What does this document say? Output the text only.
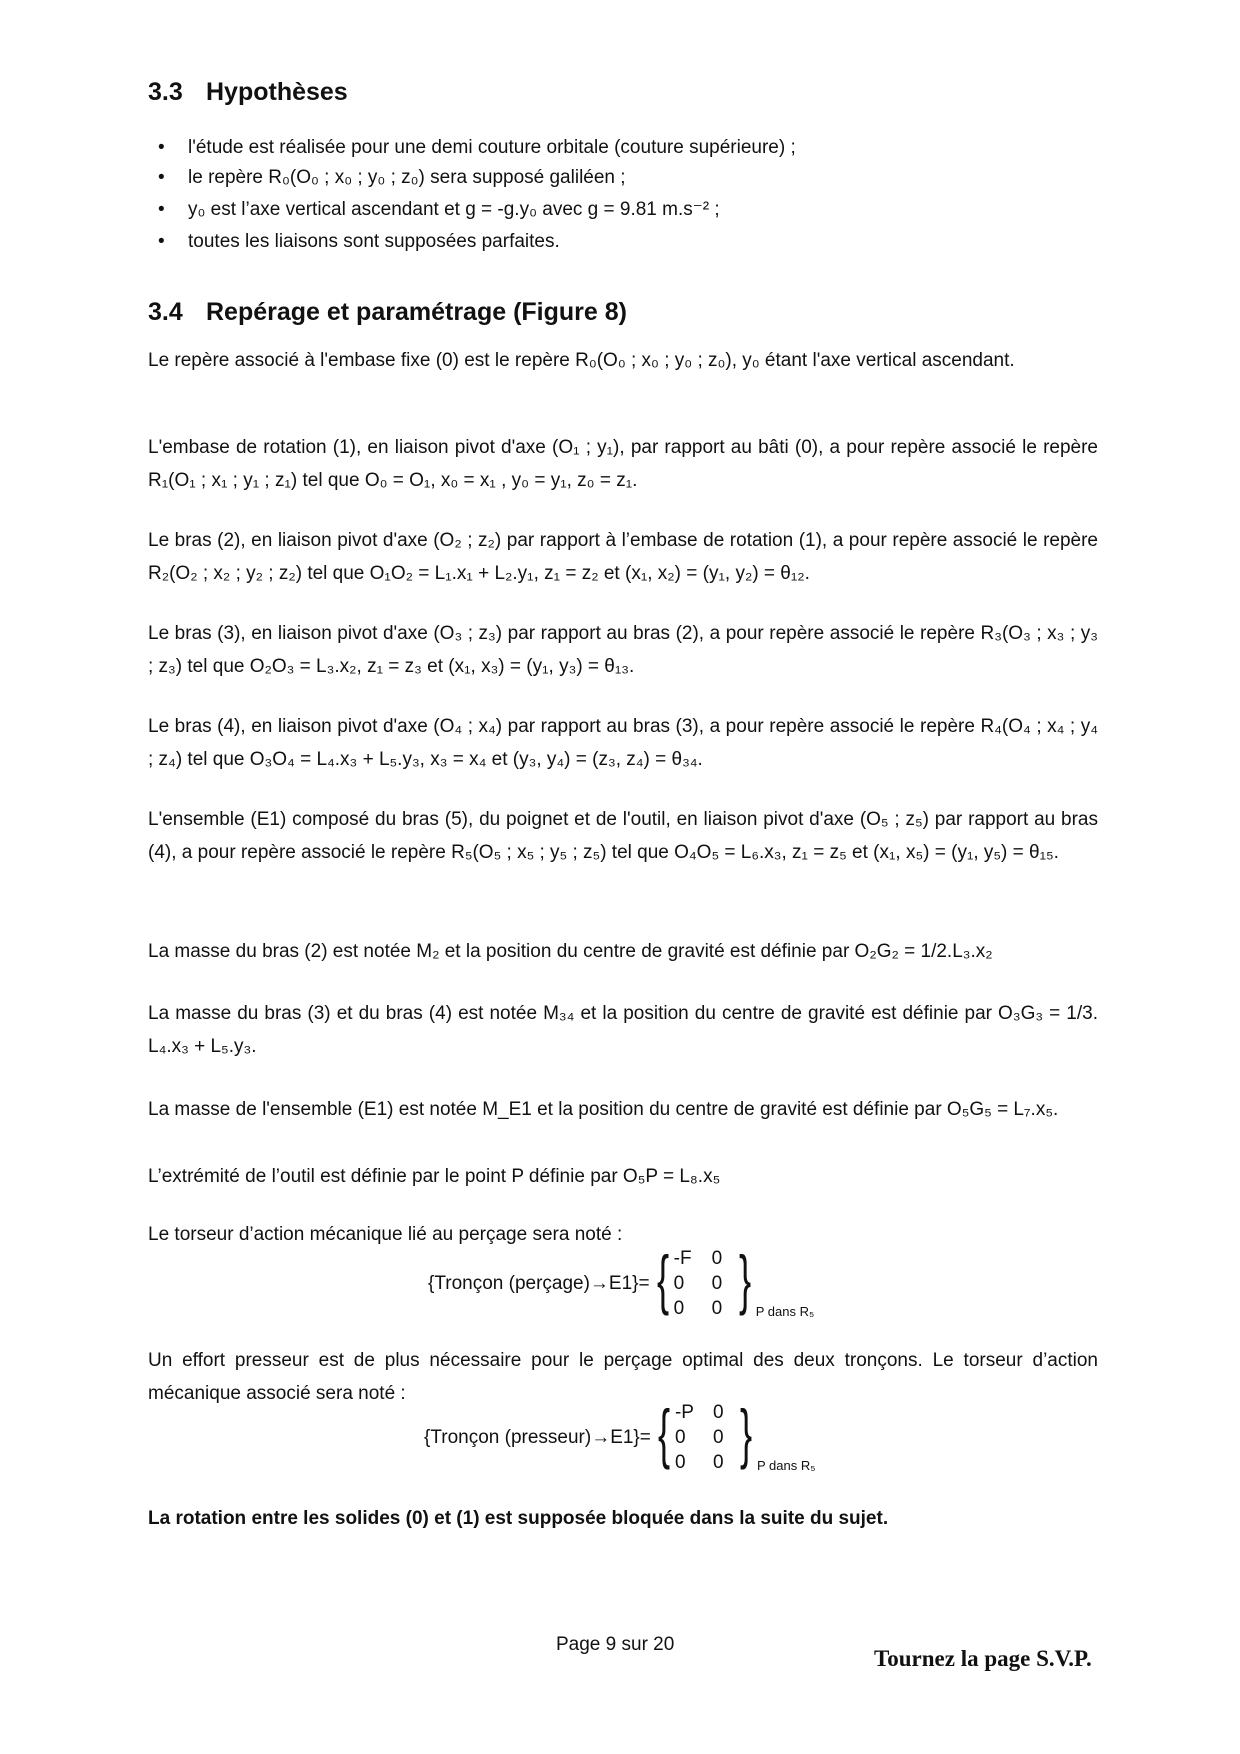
3.3 Hypothèses
• l'étude est réalisée pour une demi couture orbitale (couture supérieure) ;
• le repère R₀(O₀ ; x₀ ; y₀ ; z₀) sera supposé galiléen ;
• y₀ est l’axe vertical ascendant et g = -g.y₀ avec g = 9.81 m.s⁻² ;
• toutes les liaisons sont supposées parfaites.
3.4 Repérage et paramétrage (Figure 8)
Le repère associé à l'embase fixe (0) est le repère R₀(O₀ ; x₀ ; y₀ ; z₀), y₀ étant l'axe vertical ascendant.
L'embase de rotation (1), en liaison pivot d'axe (O₁ ; y₁), par rapport au bâti (0), a pour repère associé le repère R₁(O₁ ; x₁ ; y₁ ; z₁) tel que O₀ = O₁, x₀ = x₁ , y₀ = y₁, z₀ = z₁.
Le bras (2), en liaison pivot d'axe (O₂ ; z₂) par rapport à l’embase de rotation (1), a pour repère associé le repère R₂(O₂ ; x₂ ; y₂ ; z₂) tel que O₁O₂ = L₁.x₁ + L₂.y₁, z₁ = z₂ et (x₁, x₂) = (y₁, y₂) = θ₁₂.
Le bras (3), en liaison pivot d'axe (O₃ ; z₃) par rapport au bras (2), a pour repère associé le repère R₃(O₃ ; x₃ ; y₃ ; z₃) tel que O₂O₃ = L₃.x₂, z₁ = z₃ et (x₁, x₃) = (y₁, y₃) = θ₁₃.
Le bras (4), en liaison pivot d'axe (O₄ ; x₄) par rapport au bras (3), a pour repère associé le repère R₄(O₄ ; x₄ ; y₄ ; z₄) tel que O₃O₄ = L₄.x₃ + L₅.y₃, x₃ = x₄ et (y₃, y₄) = (z₃, z₄) = θ₃₄.
L'ensemble (E1) composé du bras (5), du poignet et de l'outil, en liaison pivot d'axe (O₅ ; z₅) par rapport au bras (4), a pour repère associé le repère R₅(O₅ ; x₅ ; y₅ ; z₅) tel que O₄O₅ = L₆.x₃, z₁ = z₅ et (x₁, x₅) = (y₁, y₅) = θ₁₅.
La masse du bras (2) est notée M₂ et la position du centre de gravité est définie par O₂G₂ = 1/2.L₃.x₂
La masse du bras (3) et du bras (4) est notée M₃₄ et la position du centre de gravité est définie par O₃G₃ = 1/3. L₄.x₃ + L₅.y₃.
La masse de l'ensemble (E1) est notée M_E1 et la position du centre de gravité est définie par O₅G₅ = L₇.x₅.
L’extrémité de l’outil est définie par le point P définie par O₅P = L₈.x₅
Le torseur d’action mécanique lié au perçage sera noté :
{Tronçon (perçage)→E1}= { -F	0
0	0
0	0 } P dans R₅
Un effort presseur est de plus nécessaire pour le perçage optimal des deux tronçons. Le torseur d’action mécanique associé sera noté :
{Tronçon (presseur)→E1}= { -P	0
0	0
0	0 } P dans R₅
La rotation entre les solides (0) et (1) est supposée bloquée dans la suite du sujet.
Page 9 sur 20
Tournez la page S.V.P.
